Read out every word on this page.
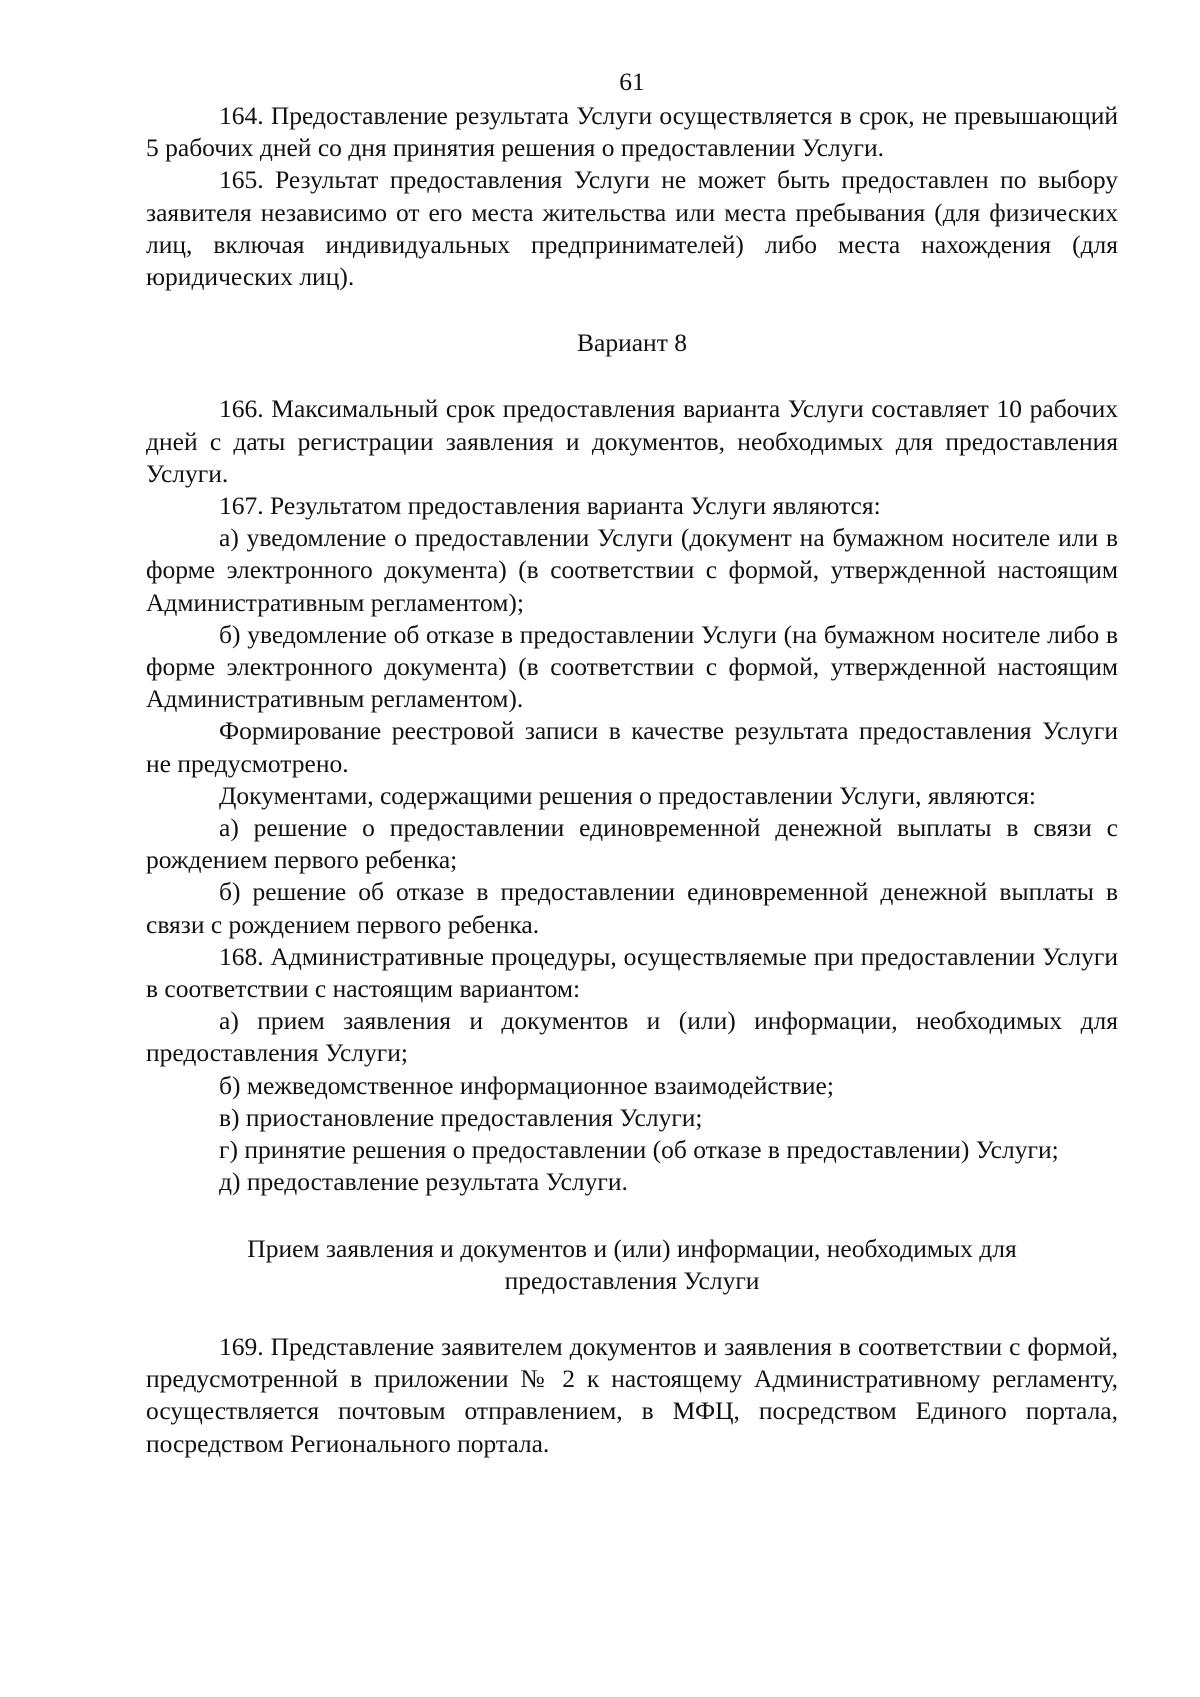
61

164. Предоставление результата Услуги осуществляется в срок, не превышающий 5 рабочих дней со дня принятия решения о предоставлении Услуги.

165. Результат предоставления Услуги не может быть предоставлен по выбору заявителя независимо от его места жительства или места пребывания (для физических лиц, включая индивидуальных предпринимателей) либо места нахождения (для юридических лиц).

Вариант 8

166. Максимальный срок предоставления варианта Услуги составляет 10 рабочих дней с даты регистрации заявления и документов, необходимых для предоставления Услуги.

167. Результатом предоставления варианта Услуги являются:

а) уведомление о предоставлении Услуги (документ на бумажном носителе или в форме электронного документа) (в соответствии с формой, утвержденной настоящим Административным регламентом);

б) уведомление об отказе в предоставлении Услуги (на бумажном носителе либо в форме электронного документа) (в соответствии с формой, утвержденной настоящим Административным регламентом).

Формирование реестровой записи в качестве результата предоставления Услуги не предусмотрено.

Документами, содержащими решения о предоставлении Услуги, являются:

а) решение о предоставлении единовременной денежной выплаты в связи с рождением первого ребенка;

б) решение об отказе в предоставлении единовременной денежной выплаты в связи с рождением первого ребенка.

168. Административные процедуры, осуществляемые при предоставлении Услуги в соответствии с настоящим вариантом:

а) прием заявления и документов и (или) информации, необходимых для предоставления Услуги;

б) межведомственное информационное взаимодействие;

в) приостановление предоставления Услуги;

г) принятие решения о предоставлении (об отказе в предоставлении) Услуги;

д) предоставление результата Услуги.

Прием заявления и документов и (или) информации, необходимых для предоставления Услуги

169. Представление заявителем документов и заявления в соответствии с формой, предусмотренной в приложении № 2 к настоящему Административному регламенту, осуществляется почтовым отправлением, в МФЦ, посредством Единого портала, посредством Регионального портала.
